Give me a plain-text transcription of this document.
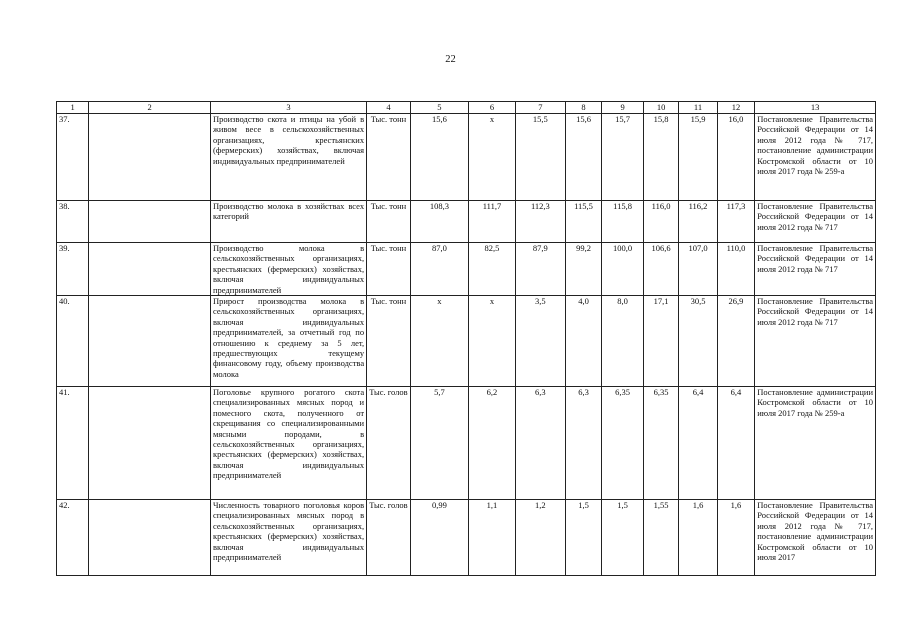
22
1	2	3	4	5	6	7	8	9	10	11	12	13
37.		Производство скота и птицы на убой в живом весе в сельскохозяйственных организациях, крестьянских (фермерских) хозяйствах, включая индивидуальных предпринимателей	Тыс. тонн	15,6	х	15,5	15,6	15,7	15,8	15,9	16,0	Постановление Правительства Российской Федерации от 14 июля 2012 года № 717, постановление администрации Костромской области от 10 июля 2017 года № 259-а
38.		Производство молока в хозяйствах всех категорий	Тыс. тонн	108,3	111,7	112,3	115,5	115,8	116,0	116,2	117,3	Постановление Правительства Российской Федерации от 14 июля 2012 года № 717
39.		Производство молока в сельскохозяйственных организациях, крестьянских (фермерских) хозяйствах, включая индивидуальных предпринимателей	Тыс. тонн	87,0	82,5	87,9	99,2	100,0	106,6	107,0	110,0	Постановление Правительства Российской Федерации от 14 июля 2012 года № 717
40.		Прирост производства молока в сельскохозяйственных организациях, включая индивидуальных предпринимателей, за отчетный год по отношению к среднему за 5 лет, предшествующих текущему финансовому году, объему производства молока	Тыс. тонн	х	х	3,5	4,0	8,0	17,1	30,5	26,9	Постановление Правительства Российской Федерации от 14 июля 2012 года № 717
41.		Поголовье крупного рогатого скота специализированных мясных пород и помесного скота, полученного от скрещивания со специализированными мясными породами, в сельскохозяйственных организациях, крестьянских (фермерских) хозяйствах, включая индивидуальных предпринимателей	Тыс. голов	5,7	6,2	6,3	6,3	6,35	6,35	6,4	6,4	Постановление администрации Костромской области от 10 июля 2017 года № 259-а
42.		Численность товарного поголовья коров специализированных мясных пород в сельскохозяйственных организациях, крестьянских (фермерских) хозяйствах, включая индивидуальных предпринимателей	Тыс. голов	0,99	1,1	1,2	1,5	1,5	1,55	1,6	1,6	Постановление Правительства Российской Федерации от 14 июля 2012 года № 717, постановление администрации Костромской области от 10 июля 2017
